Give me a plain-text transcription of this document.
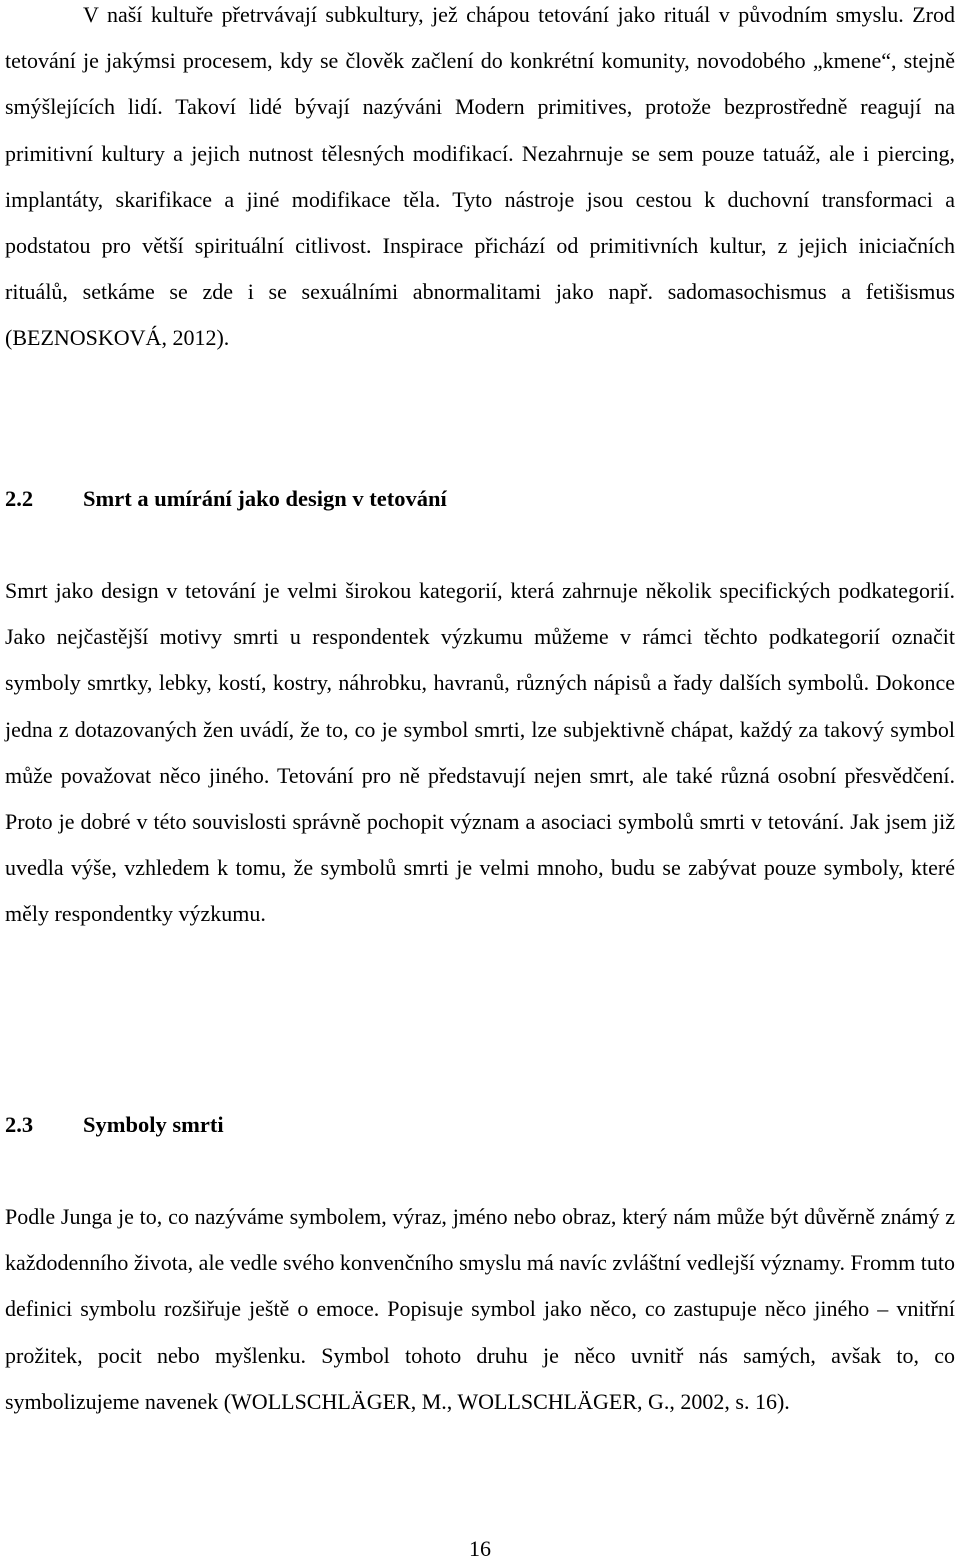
V naší kultuře přetrvávají subkultury, jež chápou tetování jako rituál v původním smyslu. Zrod tetování je jakýmsi procesem, kdy se člověk začlení do konkrétní komunity, novodobého „kmene“, stejně smýšlejících lidí. Takoví lidé bývají nazýváni Modern primitives, protože bezprostředně reagují na primitivní kultury a jejich nutnost tělesných modifikací. Nezahrnuje se sem pouze tatuáž, ale i piercing, implantáty, skarifikace a jiné modifikace těla. Tyto nástroje jsou cestou k duchovní transformaci a podstatou pro větší spirituální citlivost. Inspirace přichází od primitivních kultur, z jejich iniciačních rituálů, setkáme se zde i se sexuálními abnormalitami jako např. sadomasochismus a fetišismus (BEZNOSKOVÁ, 2012).

2.2 Smrt a umírání jako design v tetování

Smrt jako design v tetování je velmi širokou kategorií, která zahrnuje několik specifických podkategorií. Jako nejčastější motivy smrti u respondentek výzkumu můžeme v rámci těchto podkategorií označit symboly smrtky, lebky, kostí, kostry, náhrobku, havranů, různých nápisů a řady dalších symbolů. Dokonce jedna z dotazovaných žen uvádí, že to, co je symbol smrti, lze subjektivně chápat, každý za takový symbol může považovat něco jiného. Tetování pro ně představují nejen smrt, ale také různá osobní přesvědčení. Proto je dobré v této souvislosti správně pochopit význam a asociaci symbolů smrti v tetování. Jak jsem již uvedla výše, vzhledem k tomu, že symbolů smrti je velmi mnoho, budu se zabývat pouze symboly, které měly respondentky výzkumu.

2.3 Symboly smrti

Podle Junga je to, co nazýváme symbolem, výraz, jméno nebo obraz, který nám může být důvěrně známý z každodenního života, ale vedle svého konvenčního smyslu má navíc zvláštní vedlejší významy. Fromm tuto definici symbolu rozšiřuje ještě o emoce. Popisuje symbol jako něco, co zastupuje něco jiného – vnitřní prožitek, pocit nebo myšlenku. Symbol tohoto druhu je něco uvnitř nás samých, avšak to, co symbolizujeme navenek (WOLLSCHLÄGER, M., WOLLSCHLÄGER, G., 2002, s. 16).

16
